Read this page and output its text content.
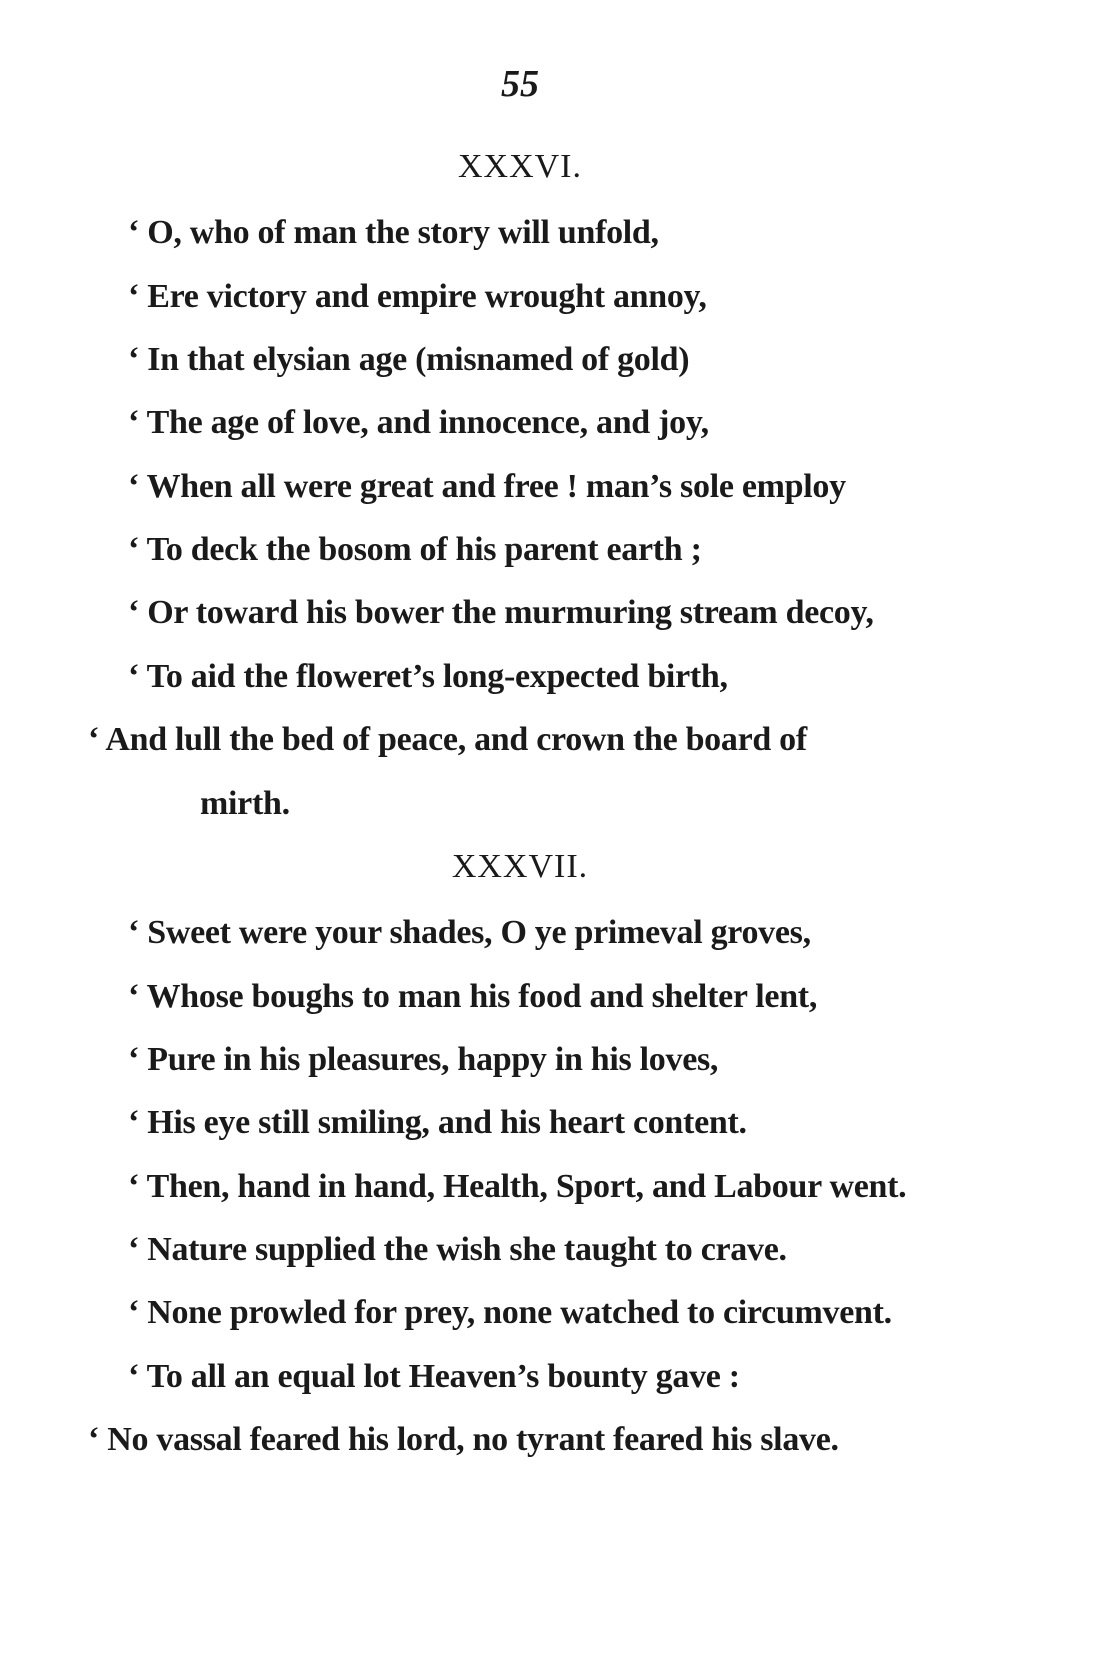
55
XXXVI.
‘ O, who of man the story will unfold,
‘ Ere victory and empire wrought annoy,
‘ In that elysian age (misnamed of gold)
‘ The age of love, and innocence, and joy,
‘ When all were great and free ! man’s sole employ
‘ To deck the bosom of his parent earth ;
‘ Or toward his bower the murmuring stream decoy,
‘ To aid the floweret’s long-expected birth,
‘ And lull the bed of peace, and crown the board of
mirth.
XXXVII.
‘ Sweet were your shades, O ye primeval groves,
‘ Whose boughs to man his food and shelter lent,
‘ Pure in his pleasures, happy in his loves,
‘ His eye still smiling, and his heart content.
‘ Then, hand in hand, Health, Sport, and Labour went.
‘ Nature supplied the wish she taught to crave.
‘ None prowled for prey, none watched to circumvent.
‘ To all an equal lot Heaven’s bounty gave :
‘ No vassal feared his lord, no tyrant feared his slave.
